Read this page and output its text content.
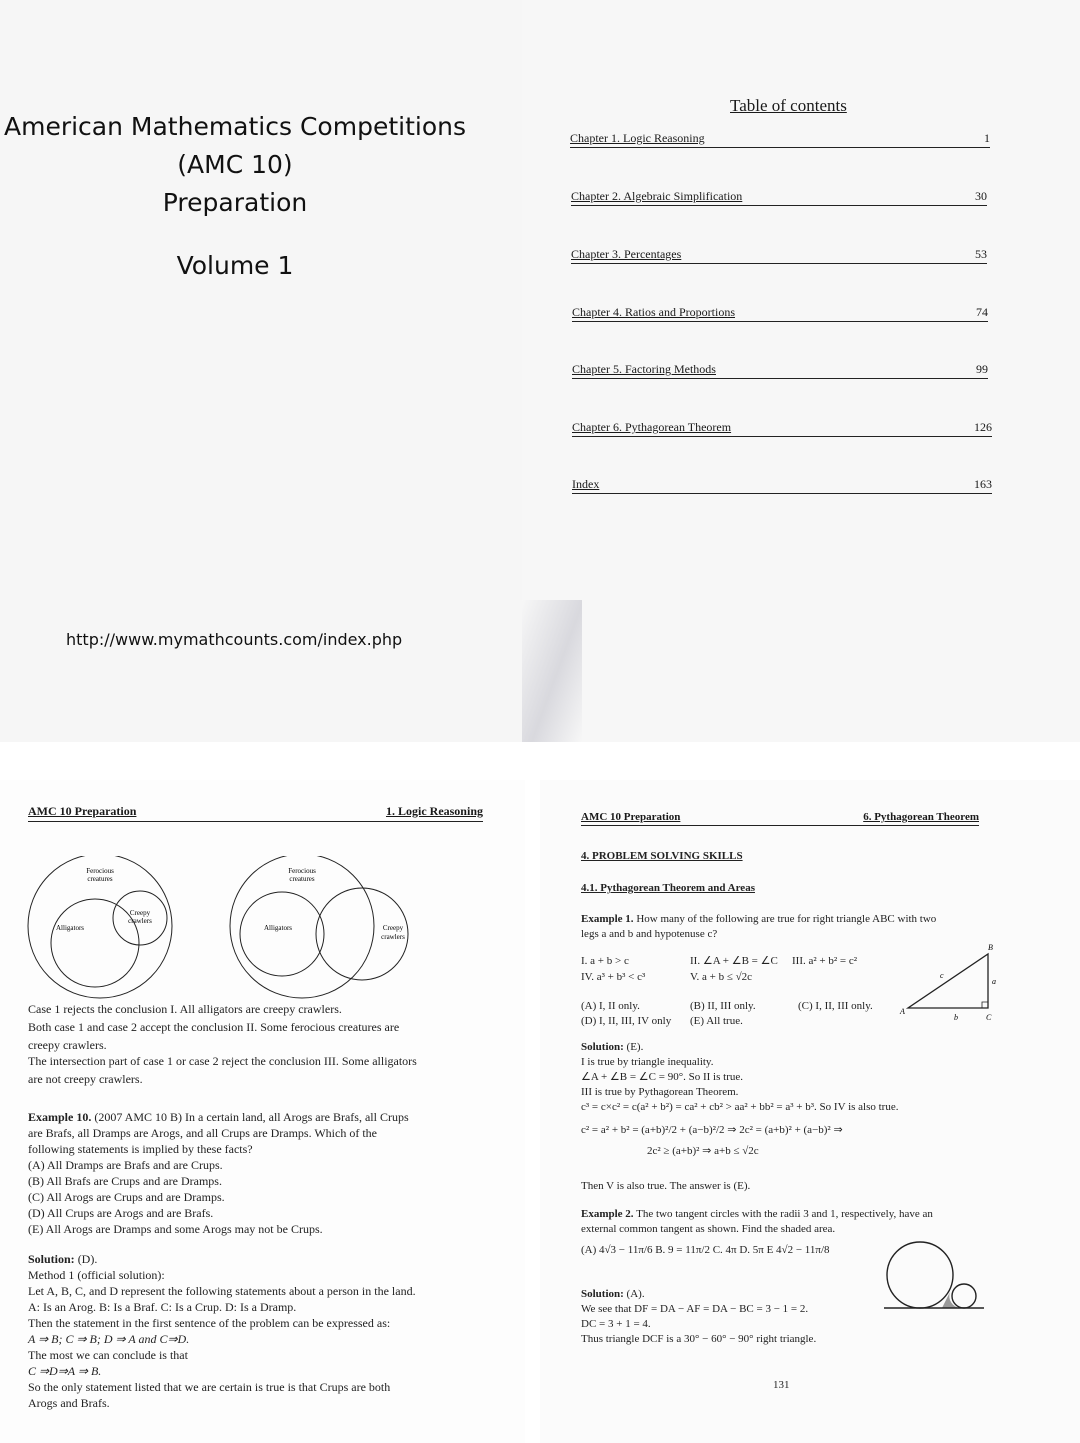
American Mathematics Competitions
(AMC 10)
Preparation
Volume 1
http://www.mymathcounts.com/index.php
Table of contents
Chapter 1. Logic Reasoning	1
Chapter 2. Algebraic Simplification	30
Chapter 3. Percentages	53
Chapter 4. Ratios and Proportions	74
Chapter 5. Factoring Methods	99
Chapter 6. Pythagorean Theorem	126
Index	163
AMC 10 Preparation	1. Logic Reasoning
Ferocious
creatures
Alligators
Creepy
crawlers
Ferocious
creatures
Alligators	Creepy
crawlers
Case 1 rejects the conclusion I. All alligators are creepy crawlers.
Both case 1 and case 2 accept the conclusion II. Some ferocious creatures are
creepy crawlers.
The intersection part of case 1 or case 2 reject the conclusion III. Some alligators
are not creepy crawlers.
Example 10. (2007 AMC 10 B) In a certain land, all Arogs are Brafs, all Crups
are Brafs, all Dramps are Arogs, and all Crups are Dramps. Which of the
following statements is implied by these facts?
(A) All Dramps are Brafs and are Crups.
(B) All Brafs are Crups and are Dramps.
(C) All Arogs are Crups and are Dramps.
(D) All Crups are Arogs and are Brafs.
(E) All Arogs are Dramps and some Arogs may not be Crups.
Solution: (D).
Method 1 (official solution):
Let A, B, C, and D represent the following statements about a person in the land.
A: Is an Arog. B: Is a Braf. C: Is a Crup. D: Is a Dramp.
Then the statement in the first sentence of the problem can be expressed as:
A ⇒ B; C ⇒ B; D ⇒ A and C⇒D.
The most we can conclude is that
C ⇒D⇒A ⇒ B.
So the only statement listed that we are certain is true is that Crups are both
Arogs and Brafs.
AMC 10 Preparation	6. Pythagorean Theorem
4. PROBLEM SOLVING SKILLS
4.1. Pythagorean Theorem and Areas
Example 1. How many of the following are true for right triangle ABC with two
legs a and b and hypotenuse c?
I. a + b > c	II. ∠A + ∠B = ∠C III. a² + b² = c²
IV. a³ + b³ < c³	V. a + b ≤ √2c
(A) I, II only.	(B) II, III only.	(C) I, II, III only.
(D) I, II, III, IV only (E) All true.
A
B
C
a
b
c
Solution: (E).
I is true by triangle inequality.
∠A + ∠B = ∠C = 90°. So II is true.
III is true by Pythagorean Theorem.
c³ = c×c² = c(a² + b²) = ca² + cb² > aa² + bb² = a³ + b³. So IV is also true.
c² = a² + b² = (a+b)²/2 + (a−b)²/2 ⇒ 2c² = (a+b)² + (a−b)² ⇒
2c² ≥ (a+b)² ⇒ a+b ≤ √2c
Then V is also true. The answer is (E).
Example 2. The two tangent circles with the radii 3 and 1, respectively, have an
external common tangent as shown. Find the shaded area.
(A) 4√3 − 11π/6 B. 9 = 11π/2 C. 4π D. 5π E 4√2 − 11π/8
Solution: (A).
We see that DF = DA − AF = DA − BC = 3 − 1 = 2.
DC = 3 + 1 = 4.
Thus triangle DCF is a 30° − 60° − 90° right triangle.
131
